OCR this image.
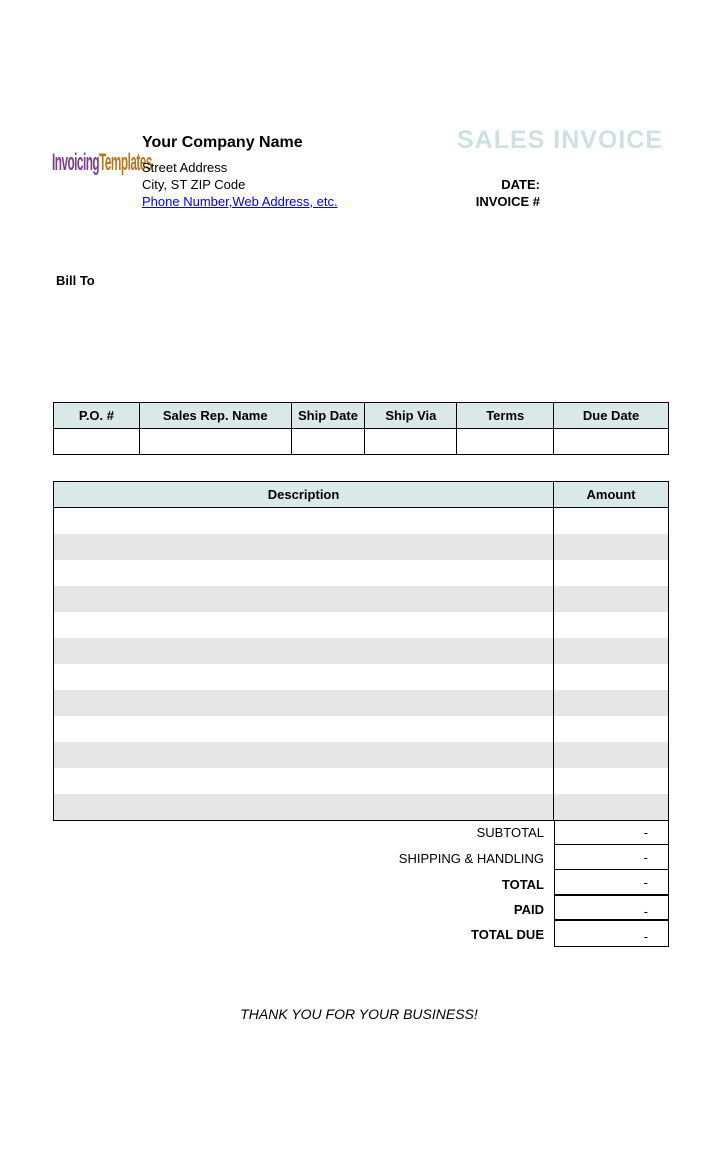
InvoicingTemplates
Your Company Name
Street Address
City, ST ZIP Code
Phone Number,Web Address, etc.
SALES INVOICE
DATE:
INVOICE #
Bill To
P.O. #	Sales Rep. Name	Ship Date	Ship Via	Terms	Due Date

Description	Amount

SUBTOTAL	-
SHIPPING & HANDLING	-
TOTAL	-
PAID	-
TOTAL DUE	-
THANK YOU FOR YOUR BUSINESS!
